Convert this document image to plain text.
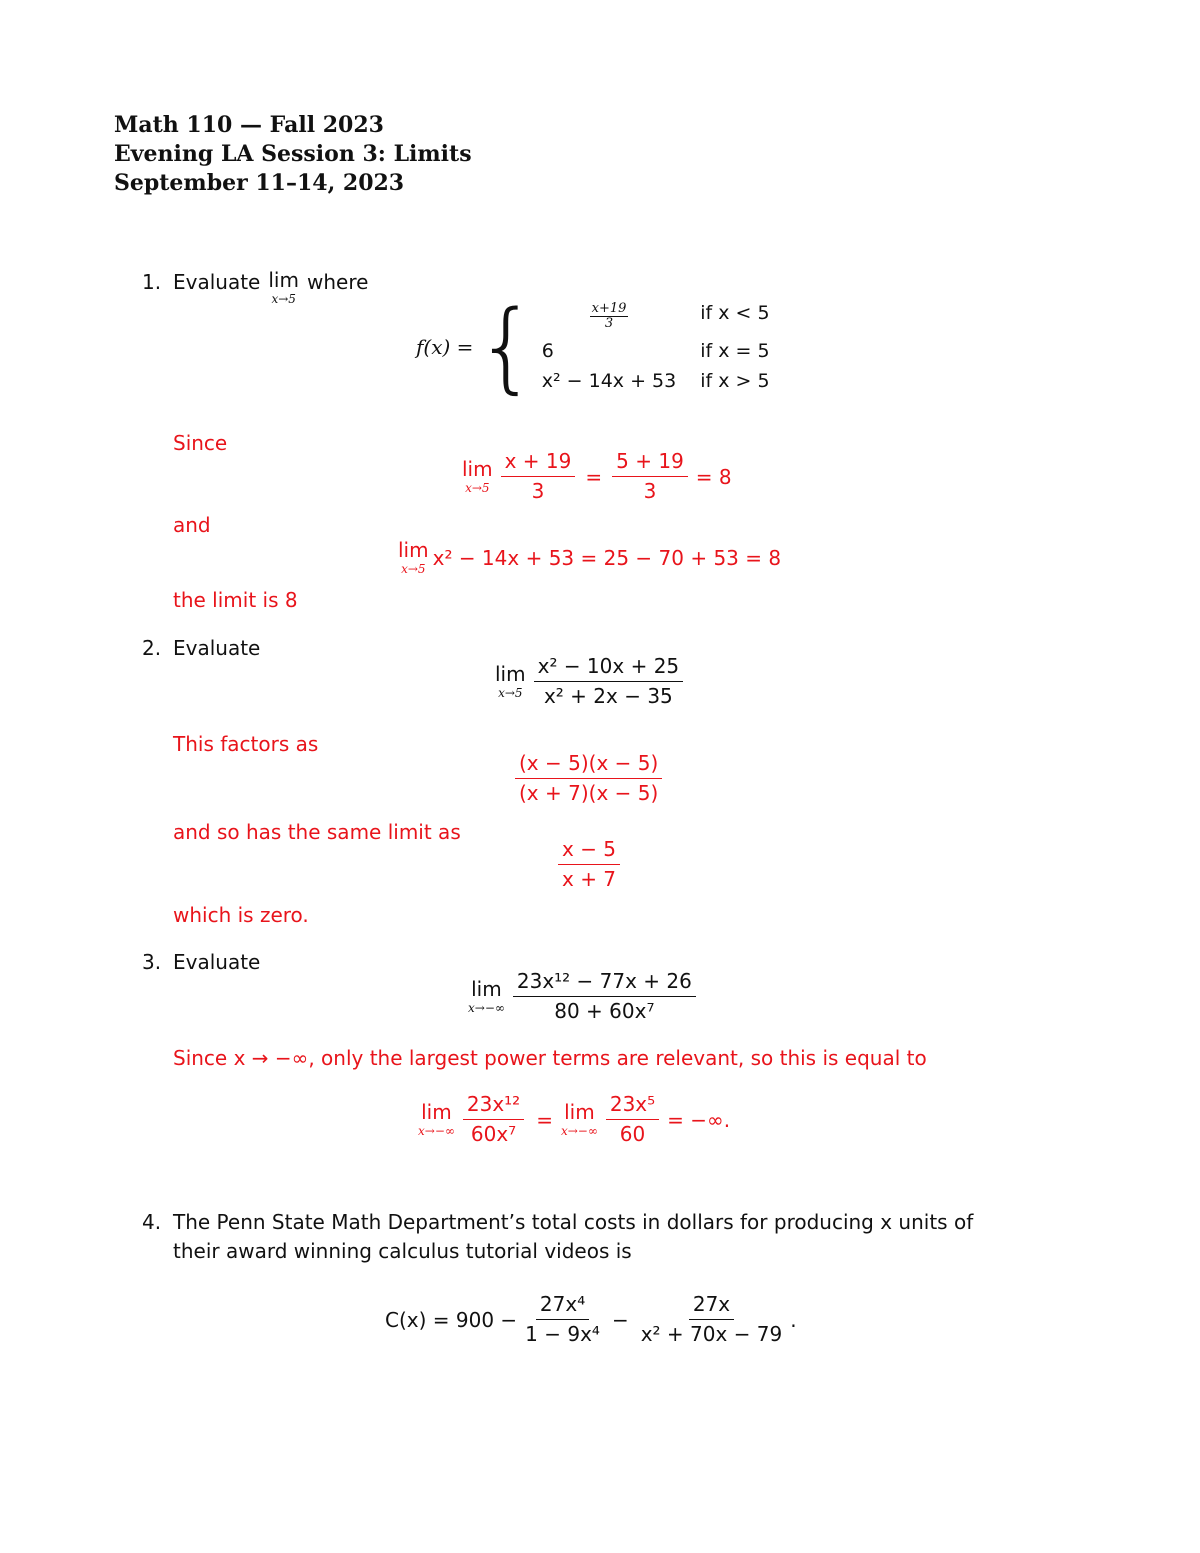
Math 110 — Fall 2023
Evening LA Session 3: Limits
September 11–14, 2023
1. Evaluate lim
x→5
where
f(x) = { $\frac{x+19}{3}$ if x < 5
6	if x = 5
x² − 14x + 53 if x > 5
Since
lim
$x\to 5 \frac{x + 19}{3} = \frac{5 + 19}{3} = 8$
and
lim
x→5 x² − 14x + 53 = 25 − 70 + 53 = 8
the limit is 8
2. Evaluate
lim
$x\to 5 \frac{\text{x² − 10x + 25}}{\text{x² + 2x − 35}}$
This factors as
$\frac{(x - 5)(x - 5)}{(x + 7)(x - 5)}$
and so has the same limit as
$\frac{x - 5}{x + 7}$
which is zero.
3. Evaluate
lim
$x\to-\infty \frac{\text{23x¹² − 77x + 26}}{\text{80 + 60x⁷}}$
Since x → −∞, only the largest power terms are relevant, so this is equal to
lim
$x\to-\infty \frac{\text{23x¹²}}{\text{60x⁷}} = \lim$
$x\to-\infty \frac{\text{23x⁵}}{60}$ = −∞.
4. The Penn State Math Department’s total costs in dollars for producing x units of
their award winning calculus tutorial videos is
$C(x) = 900 - \frac{\text{27x⁴}}{\text{1 − 9x⁴}} - \frac{27x}{\text{x² + 70x − 79}}$ .
